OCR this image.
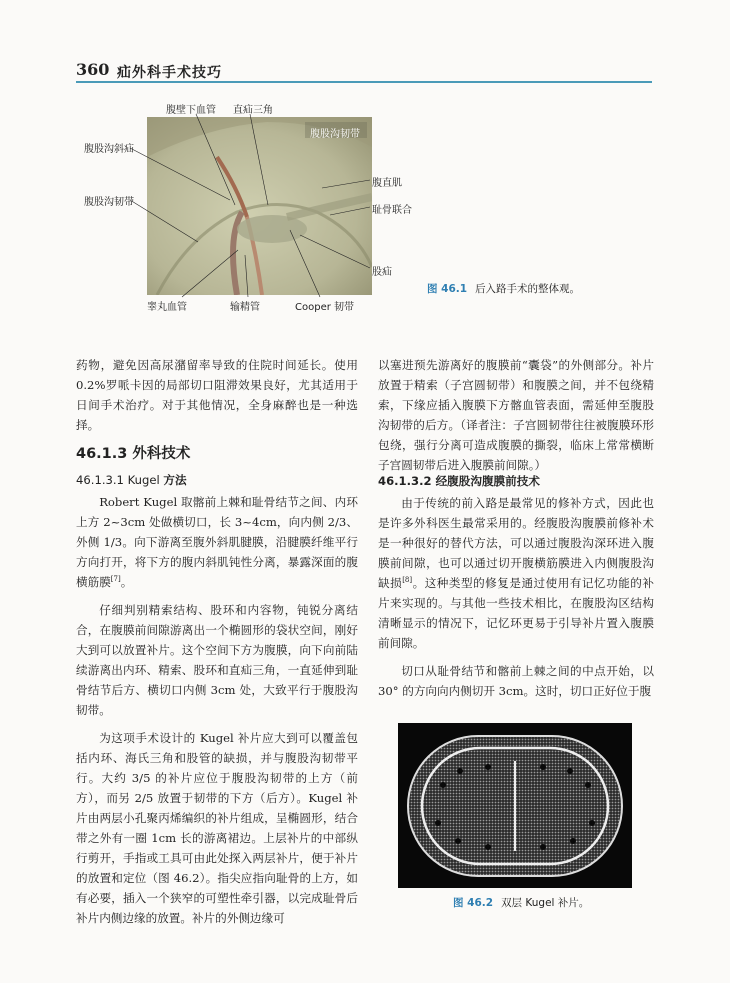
360 疝外科手术技巧
腹股沟韧带
腹壁下血管 直疝三角
腹股沟斜疝
腹股沟韧带
腹直肌
耻骨联合
股疝
睾丸血管	输精管	Cooper 韧带
图 46.1 后入路手术的整体观。

药物，避免因高尿潴留率导致的住院时间延长。使用0.2%罗哌卡因的局部切口阻滞效果良好，尤其适用于日间手术治疗。对于其他情况，全身麻醉也是一种选择。

46.1.3 外科技术
46.1.3.1 Kugel 方法

Robert Kugel 取髂前上棘和耻骨结节之间、内环上方 2~3cm 处做横切口，长 3~4cm，向内侧 2/3、外侧 1/3。向下游离至腹外斜肌腱膜，沿腱膜纤维平行方向打开，将下方的腹内斜肌钝性分离，暴露深面的腹横筋膜[7]。

仔细判别精索结构、股环和内容物，钝锐分离结合，在腹膜前间隙游离出一个椭圆形的袋状空间，刚好大到可以放置补片。这个空间下方为腹膜，向下向前陆续游离出内环、精索、股环和直疝三角，一直延伸到耻骨结节后方、横切口内侧 3cm 处，大致平行于腹股沟韧带。

为这项手术设计的 Kugel 补片应大到可以覆盖包括内环、海氏三角和股管的缺损，并与腹股沟韧带平行。大约 3/5 的补片应位于腹股沟韧带的上方（前方），而另 2/5 放置于韧带的下方（后方）。Kugel 补片由两层小孔聚丙烯编织的补片组成，呈椭圆形，结合带之外有一圈 1cm 长的游离裙边。上层补片的中部纵行剪开，手指或工具可由此处探入两层补片，便于补片的放置和定位（图 46.2）。指尖应指向耻骨的上方，如有必要，插入一个狭窄的可塑性牵引器，以完成耻骨后补片内侧边缘的放置。补片的外侧边缘可

以塞进预先游离好的腹膜前“囊袋”的外侧部分。补片放置于精索（子宫圆韧带）和腹膜之间，并不包绕精索，下缘应插入腹膜下方髂血管表面，需延伸至腹股沟韧带的后方。（译者注：子宫圆韧带往往被腹膜环形包绕，强行分离可造成腹膜的撕裂，临床上常常横断子宫圆韧带后进入腹膜前间隙。）

46.1.3.2 经腹股沟腹膜前技术

由于传统的前入路是最常见的修补方式，因此也是许多外科医生最常采用的。经腹股沟腹膜前修补术是一种很好的替代方法，可以通过腹股沟深环进入腹膜前间隙，也可以通过切开腹横筋膜进入内侧腹股沟缺损[8]。这种类型的修复是通过使用有记忆功能的补片来实现的。与其他一些技术相比，在腹股沟区结构清晰显示的情况下，记忆环更易于引导补片置入腹膜前间隙。

切口从耻骨结节和髂前上棘之间的中点开始，以 30° 的方向向内侧切开 3cm。这时，切口正好位于腹

图 46.2 双层 Kugel 补片。
